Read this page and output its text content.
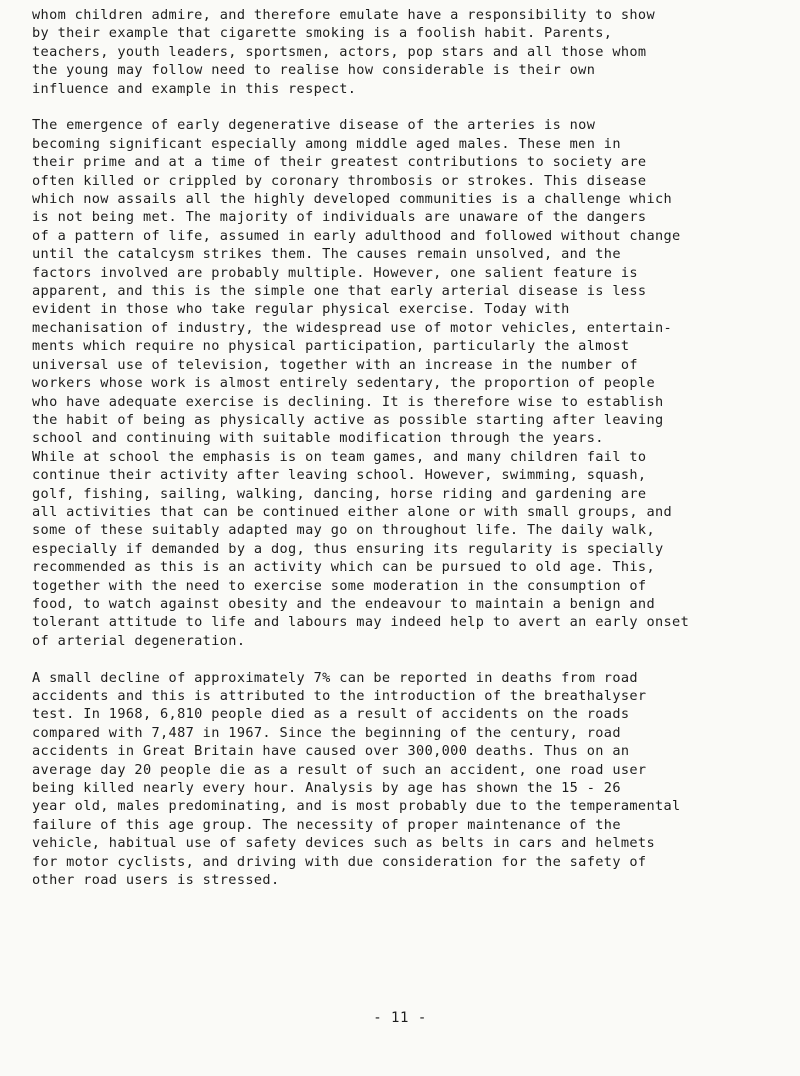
whom children admire, and therefore emulate have a responsibility to show
by their example that cigarette smoking is a foolish habit. Parents,
teachers, youth leaders, sportsmen, actors, pop stars and all those whom
the young may follow need to realise how considerable is their own
influence and example in this respect.

The emergence of early degenerative disease of the arteries is now
becoming significant especially among middle aged males. These men in
their prime and at a time of their greatest contributions to society are
often killed or crippled by coronary thrombosis or strokes. This disease
which now assails all the highly developed communities is a challenge which
is not being met. The majority of individuals are unaware of the dangers
of a pattern of life, assumed in early adulthood and followed without change
until the catalcysm strikes them. The causes remain unsolved, and the
factors involved are probably multiple. However, one salient feature is
apparent, and this is the simple one that early arterial disease is less
evident in those who take regular physical exercise. Today with
mechanisation of industry, the widespread use of motor vehicles, entertain-
ments which require no physical participation, particularly the almost
universal use of television, together with an increase in the number of
workers whose work is almost entirely sedentary, the proportion of people
who have adequate exercise is declining. It is therefore wise to establish
the habit of being as physically active as possible starting after leaving
school and continuing with suitable modification through the years.
While at school the emphasis is on team games, and many children fail to
continue their activity after leaving school. However, swimming, squash,
golf, fishing, sailing, walking, dancing, horse riding and gardening are
all activities that can be continued either alone or with small groups, and
some of these suitably adapted may go on throughout life. The daily walk,
especially if demanded by a dog, thus ensuring its regularity is specially
recommended as this is an activity which can be pursued to old age. This,
together with the need to exercise some moderation in the consumption of
food, to watch against obesity and the endeavour to maintain a benign and
tolerant attitude to life and labours may indeed help to avert an early onset
of arterial degeneration.

A small decline of approximately 7% can be reported in deaths from road
accidents and this is attributed to the introduction of the breathalyser
test. In 1968, 6,810 people died as a result of accidents on the roads
compared with 7,487 in 1967. Since the beginning of the century, road
accidents in Great Britain have caused over 300,000 deaths. Thus on an
average day 20 people die as a result of such an accident, one road user
being killed nearly every hour. Analysis by age has shown the 15 - 26
year old, males predominating, and is most probably due to the temperamental
failure of this age group. The necessity of proper maintenance of the
vehicle, habitual use of safety devices such as belts in cars and helmets
for motor cyclists, and driving with due consideration for the safety of
other road users is stressed.

- 11 -
